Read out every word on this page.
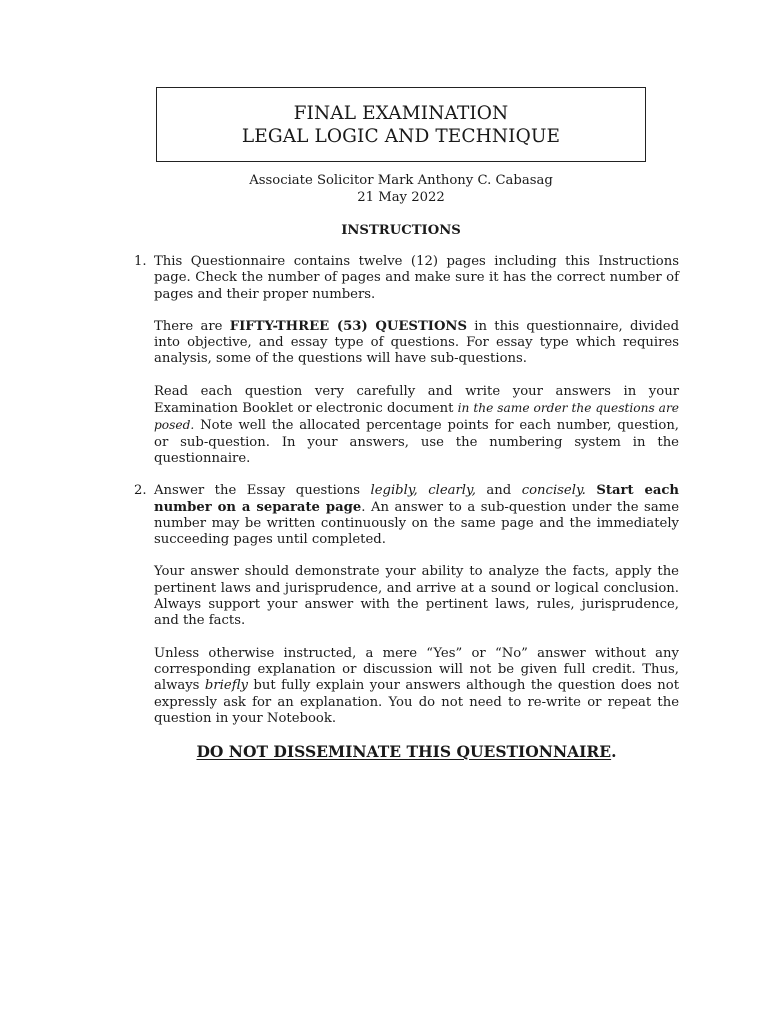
FINAL EXAMINATION
LEGAL LOGIC AND TECHNIQUE
Associate Solicitor Mark Anthony C. Cabasag
21 May 2022
INSTRUCTIONS
1. This Questionnaire contains twelve (12) pages including this Instructions page. Check the number of pages and make sure it has the correct number of pages and their proper numbers.

There are FIFTY-THREE (53) QUESTIONS in this questionnaire, divided into objective, and essay type of questions. For essay type which requires analysis, some of the questions will have sub-questions.

Read each question very carefully and write your answers in your Examination Booklet or electronic document in the same order the questions are posed. Note well the allocated percentage points for each number, question, or sub-question. In your answers, use the numbering system in the questionnaire.

2. Answer the Essay questions legibly, clearly, and concisely. Start each number on a separate page. An answer to a sub-question under the same number may be written continuously on the same page and the immediately succeeding pages until completed.

Your answer should demonstrate your ability to analyze the facts, apply the pertinent laws and jurisprudence, and arrive at a sound or logical conclusion. Always support your answer with the pertinent laws, rules, jurisprudence, and the facts.

Unless otherwise instructed, a mere “Yes” or “No” answer without any corresponding explanation or discussion will not be given full credit. Thus, always briefly but fully explain your answers although the question does not expressly ask for an explanation. You do not need to re-write or repeat the question in your Notebook.

DO NOT DISSEMINATE THIS QUESTIONNAIRE.
